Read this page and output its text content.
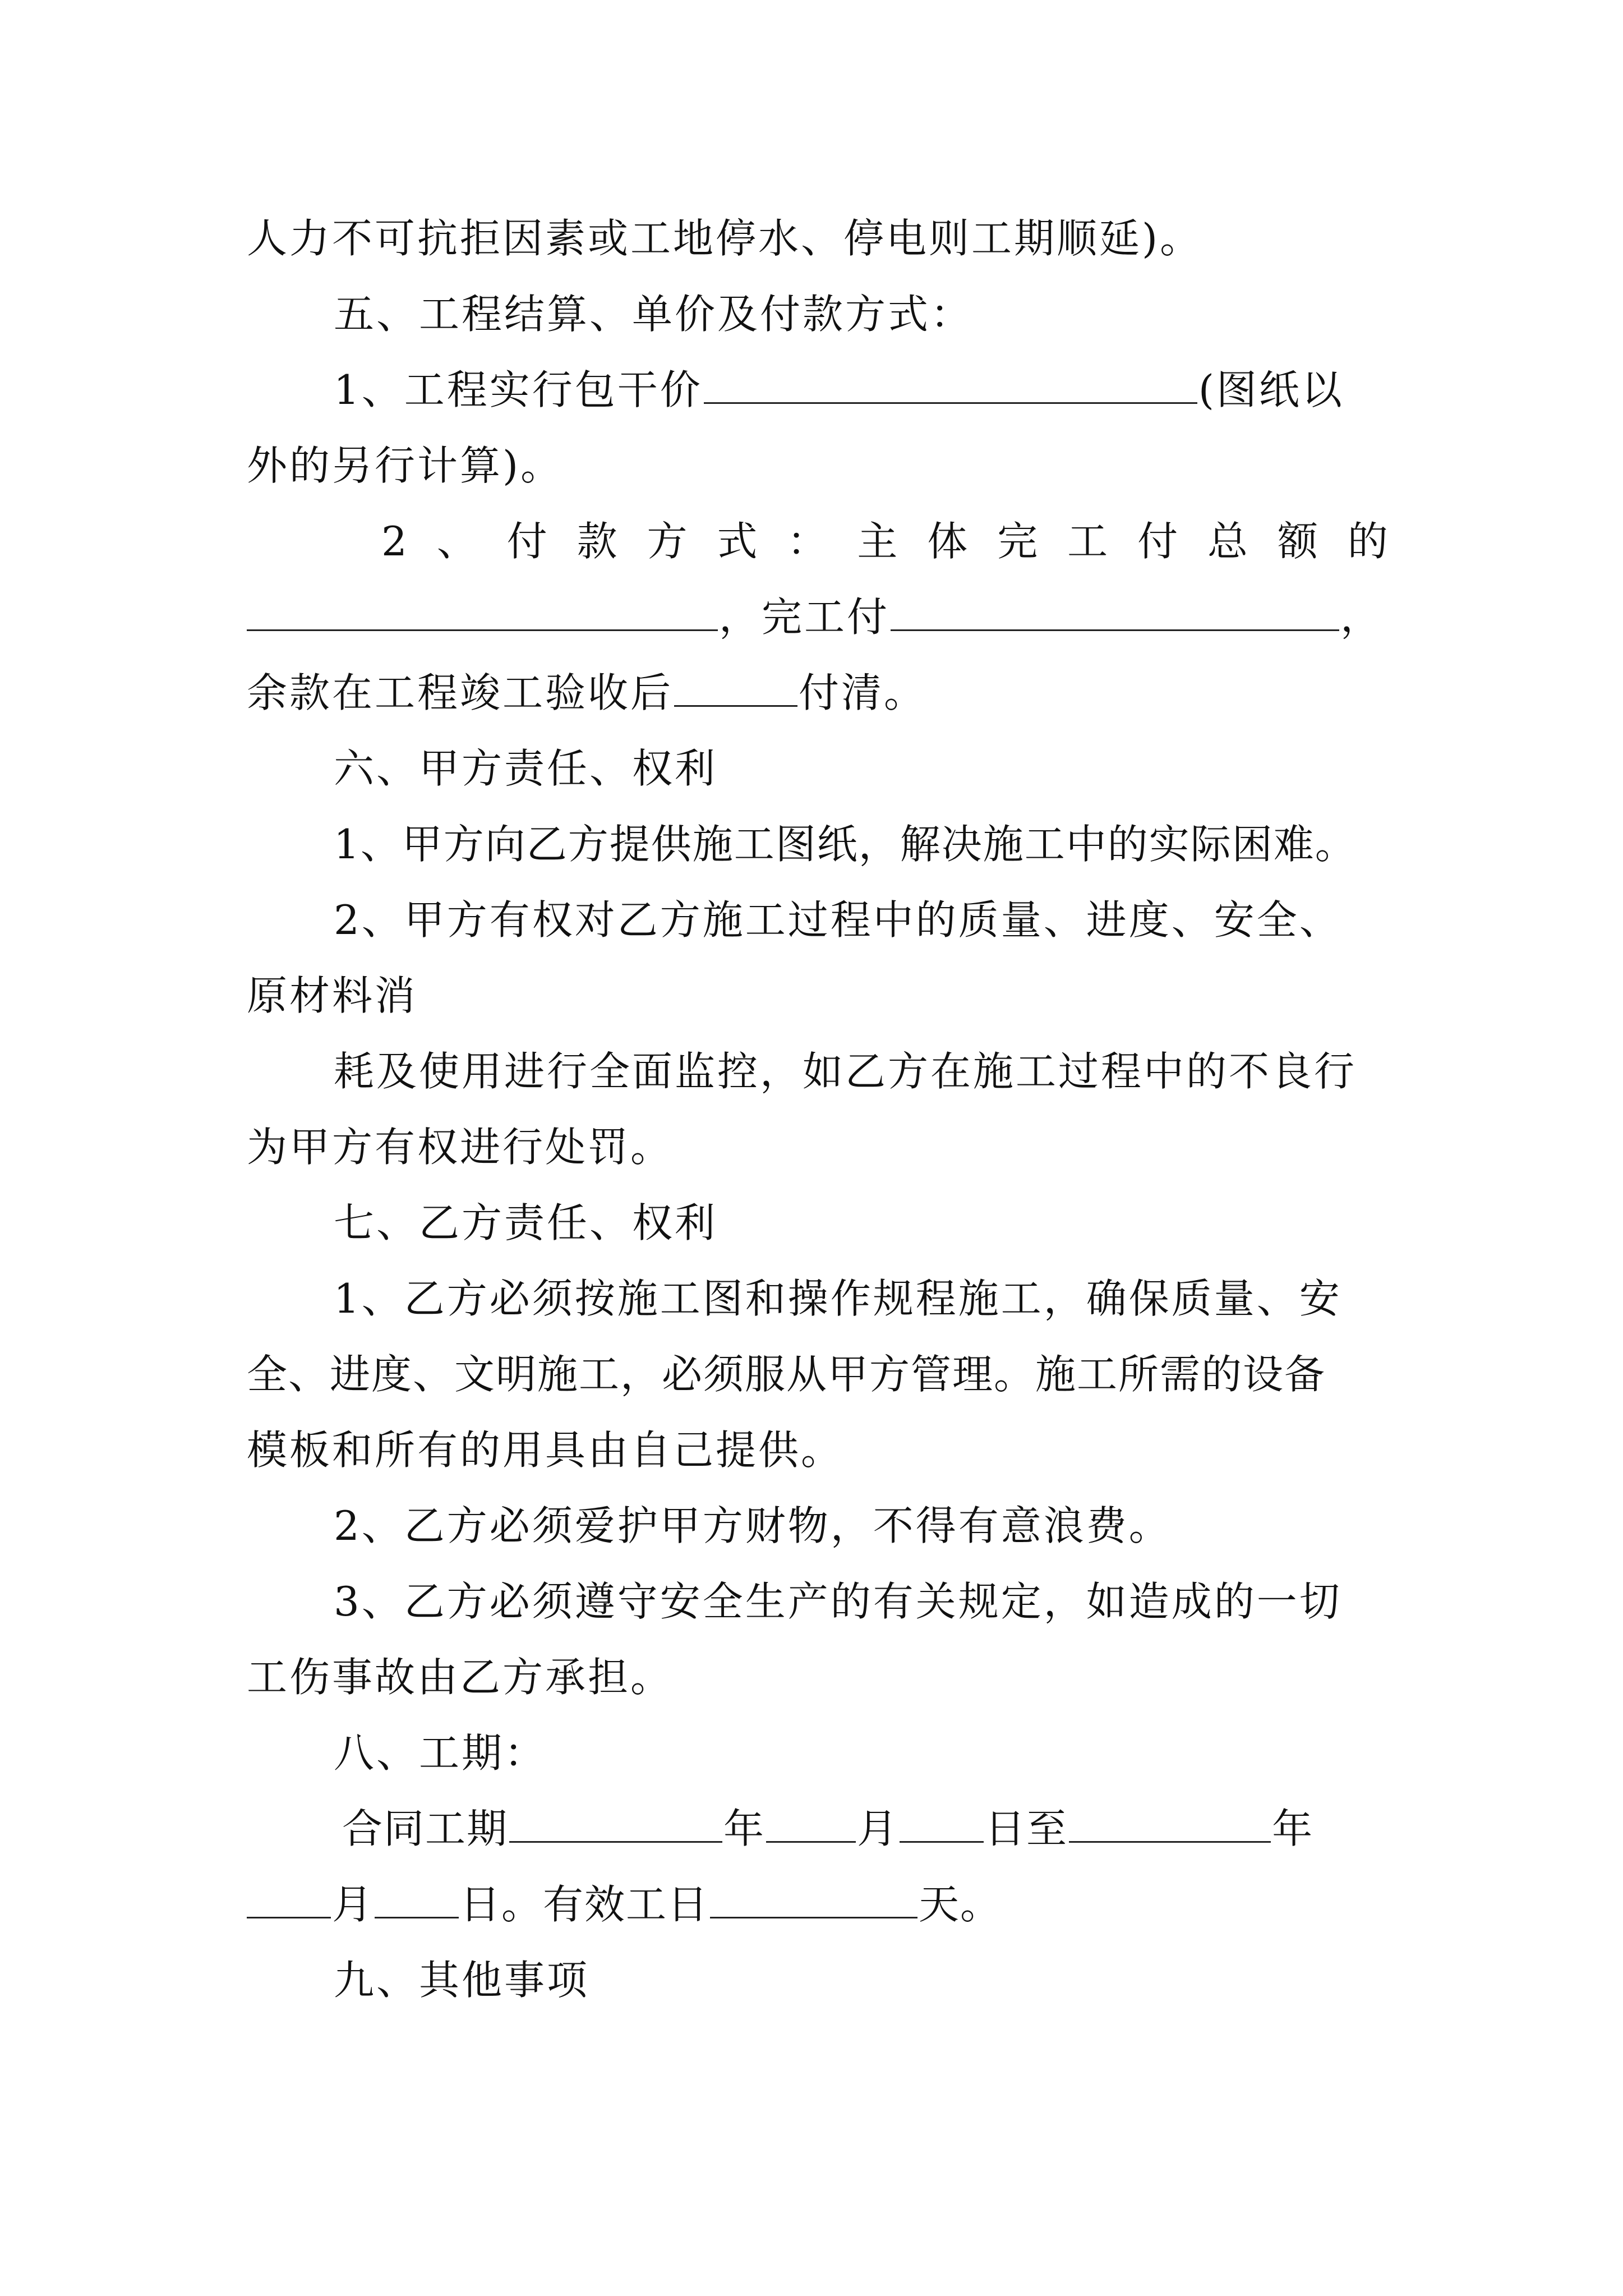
人力不可抗拒因素或工地停水、停电则工期顺延)。
五、工程结算、单价及付款方式：
1、工程实行包干价	(图纸以
外的另行计算)。
2 、 付 款 方 式 ： 主 体 完 工 付 总 额 的
，完工付	，
余款在工程竣工验收后	付清。
六、甲方责任、权利
1、甲方向乙方提供施工图纸，解决施工中的实际困难。
2、甲方有权对乙方施工过程中的质量、进度、安全、
原材料消
耗及使用进行全面监控，如乙方在施工过程中的不良行
为甲方有权进行处罚。
七、乙方责任、权利
1、乙方必须按施工图和操作规程施工，确保质量、安
全、进度、文明施工，必须服从甲方管理。施工所需的设备
模板和所有的用具由自己提供。
2、乙方必须爱护甲方财物，不得有意浪费。
3、乙方必须遵守安全生产的有关规定，如造成的一切
工伤事故由乙方承担。
八、工期：
合同工期	年 月 日至	年
月 日。有效工日	天。
九、其他事项
